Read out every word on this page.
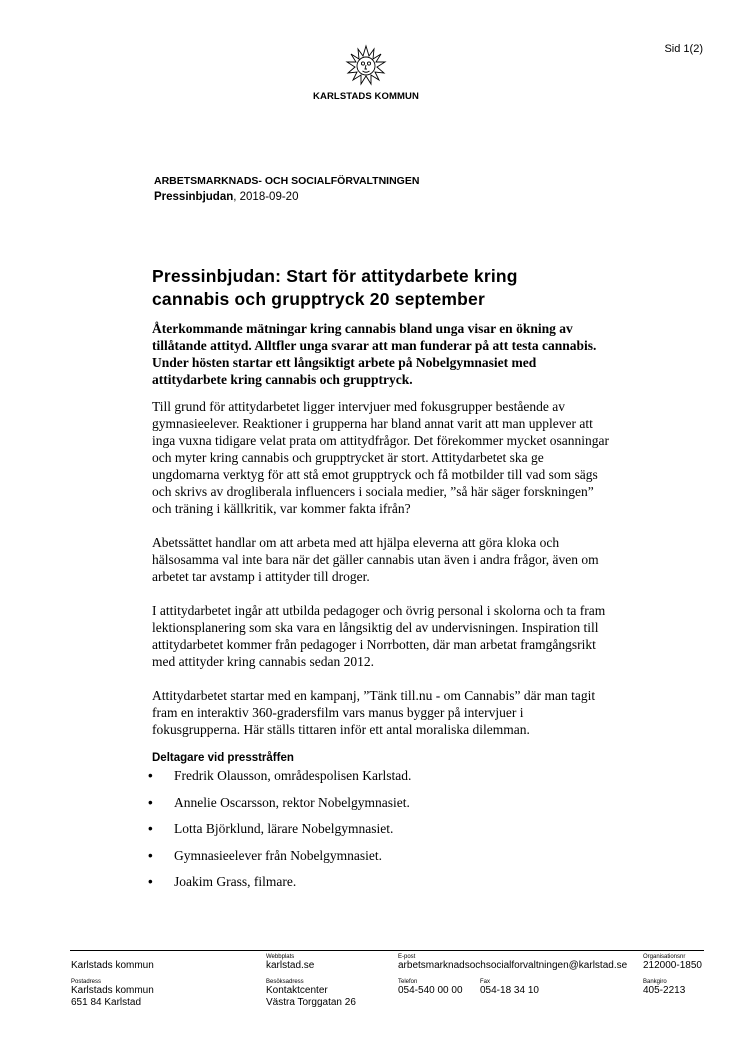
Sid 1(2)
KARLSTADS KOMMUN
ARBETSMARKNADS- OCH SOCIALFÖRVALTNINGEN
Pressinbjudan, 2018-09-20
Pressinbjudan: Start för attitydarbete kring
cannabis och grupptryck 20 september

Återkommande mätningar kring cannabis bland unga visar en ökning av tillåtande attityd. Alltfler unga svarar att man funderar på att testa cannabis. Under hösten startar ett långsiktigt arbete på Nobelgymnasiet med attitydarbete kring cannabis och grupptryck.

Till grund för attitydarbetet ligger intervjuer med fokusgrupper bestående av gymnasieelever. Reaktioner i grupperna har bland annat varit att man upplever att inga vuxna tidigare velat prata om attitydfrågor. Det förekommer mycket osanningar och myter kring cannabis och grupptrycket är stort. Attitydarbetet ska ge ungdomarna verktyg för att stå emot grupptryck och få motbilder till vad som sägs och skrivs av drogliberala influencers i sociala medier, ”så här säger forskningen” och träning i källkritik, var kommer fakta ifrån?

Abetssättet handlar om att arbeta med att hjälpa eleverna att göra kloka och hälsosamma val inte bara när det gäller cannabis utan även i andra frågor, även om arbetet tar avstamp i attityder till droger.

I attitydarbetet ingår att utbilda pedagoger och övrig personal i skolorna och ta fram lektionsplanering som ska vara en långsiktig del av undervisningen. Inspiration till attitydarbetet kommer från pedagoger i Norrbotten, där man arbetat framgångsrikt med attityder kring cannabis sedan 2012.

Attitydarbetet startar med en kampanj, ”Tänk till.nu - om Cannabis” där man tagit fram en interaktiv 360-gradersfilm vars manus bygger på intervjuer i fokusgrupperna. Här ställs tittaren inför ett antal moraliska dilemman.

Deltagare vid presstråffen
• Fredrik Olausson, områdespolisen Karlstad.
• Annelie Oscarsson, rektor Nobelgymnasiet.
• Lotta Björklund, lärare Nobelgymnasiet.
• Gymnasieelever från Nobelgymnasiet.
• Joakim Grass, filmare.

Karlstads kommun
Webbplats
karlstad.se
E-post
arbetsmarknadsochsocialforvaltningen@karlstad.se
Organisationsnr
212000-1850
Postadress
Karlstads kommun
651 84 Karlstad
Besöksadress
Kontaktcenter
Västra Torggatan 26
Telefon
054-540 00 00
Fax
054-18 34 10
Bankgiro
405-2213
